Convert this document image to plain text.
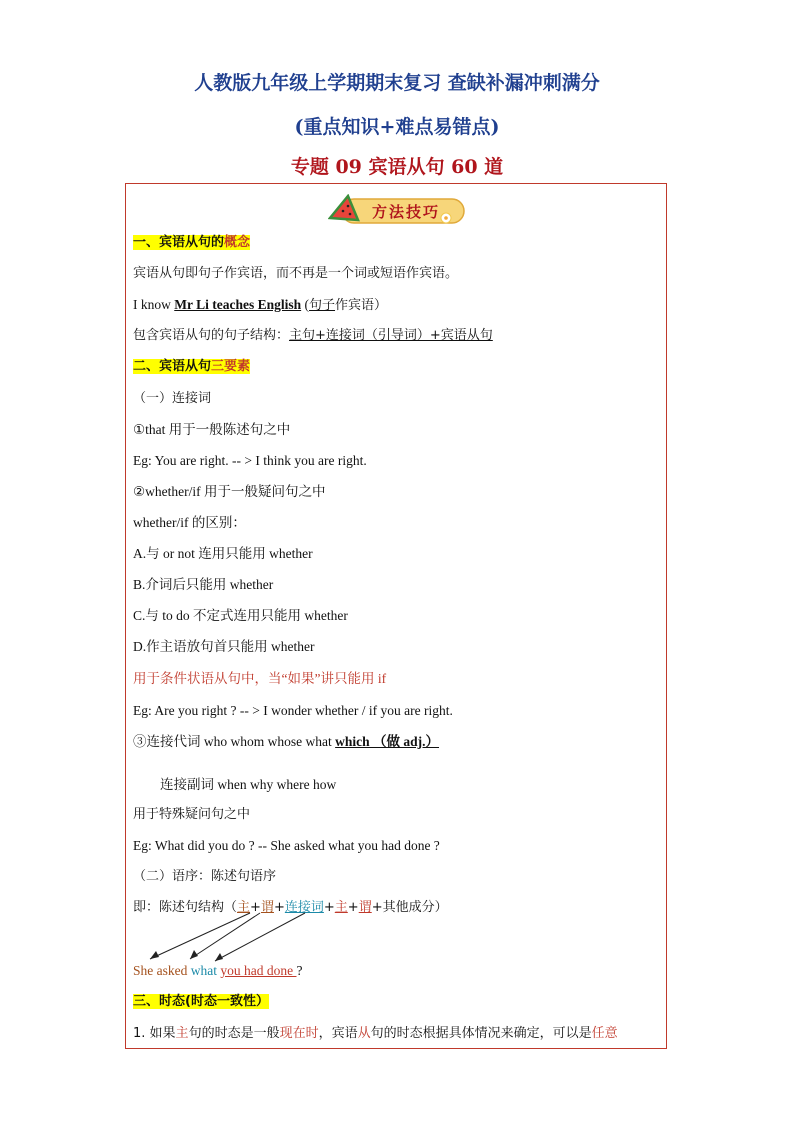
人教版九年级上学期期末复习 查缺补漏冲刺满分
(重点知识+难点易错点)
专题 09 宾语从句 60 道
方法技巧
一、宾语从句的概念
宾语从句即句子作宾语，而不再是一个词或短语作宾语。
I know Mr Li teaches English (句子作宾语）
包含宾语从句的句子结构：主句+连接词（引导词）+宾语从句
二、宾语从句三要素
（一）连接词
①that 用于一般陈述句之中
Eg: You are right. -- > I think you are right.
②whether/if 用于一般疑问句之中
whether/if 的区别：
A.与 or not 连用只能用 whether
B.介词后只能用 whether
C.与 to do 不定式连用只能用 whether
D.作主语放句首只能用 whether
用于条件状语从句中，当“如果”讲只能用 if
Eg: Are you right ? -- > I wonder whether / if you are right.
③连接代词 who whom whose what which （做 adj.）
连接副词 when why where how
用于特殊疑问句之中
Eg: What did you do ? -- She asked what you had done ?
（二）语序：陈述句语序
即：陈述句结构（主+谓+连接词+主+谓+其他成分）
She asked what you had done ?
三、时态(时态一致性）
1. 如果主句的时态是一般现在时，宾语从句的时态根据具体情况来确定，可以是任意
